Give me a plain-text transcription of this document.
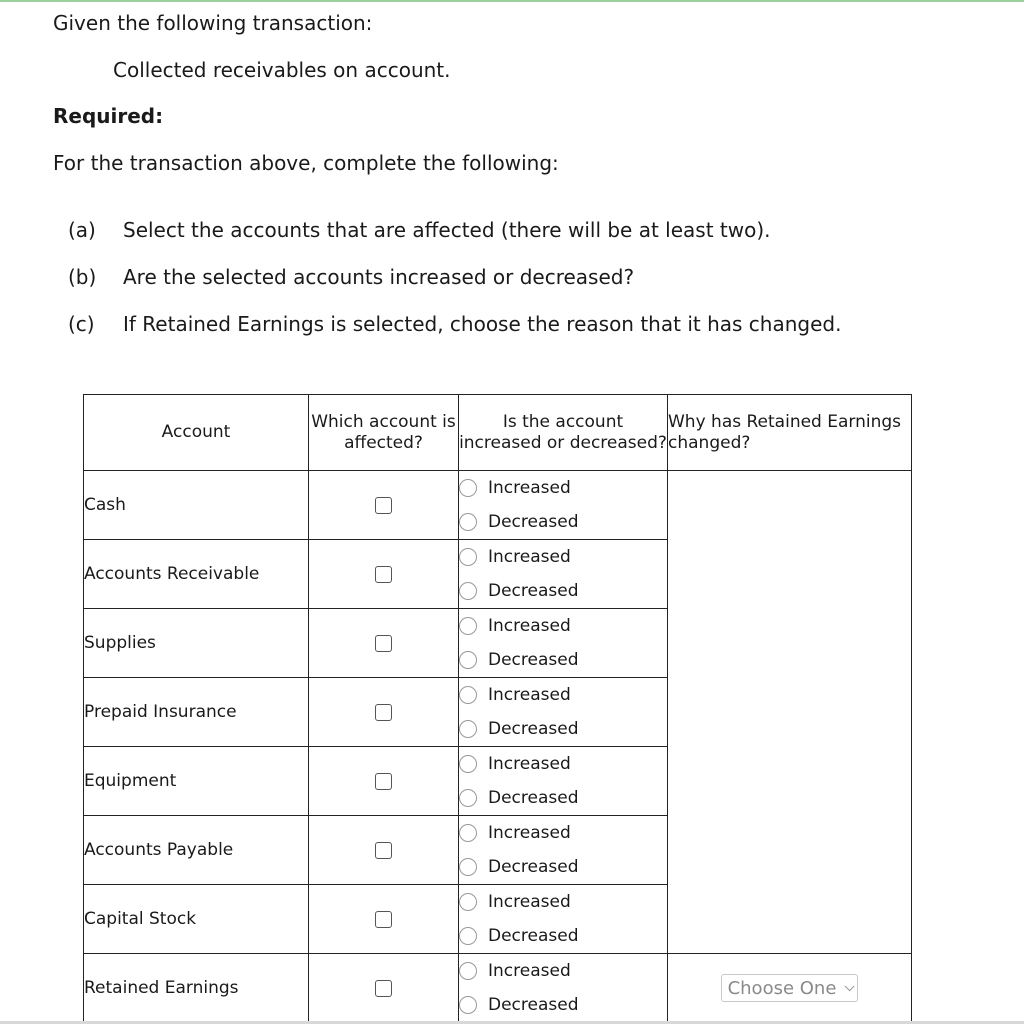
Given the following transaction:
Collected receivables on account.
Required:
For the transaction above, complete the following:
(a) Select the accounts that are affected (there will be at least two).
(b) Are the selected accounts increased or decreased?
(c) If Retained Earnings is selected, choose the reason that it has changed.
Account	Which account is affected?	Is the account increased or decreased?	Why has Retained Earnings changed?
Cash		Increased
Decreased	

Accounts Receivable		Increased
Decreased	

Supplies		Increased
Decreased	

Prepaid Insurance		Increased
Decreased	

Equipment		Increased
Decreased	

Accounts Payable		Increased
Decreased	

Capital Stock		Increased
Decreased	

Retained Earnings		Increased
Decreased	Choose One
